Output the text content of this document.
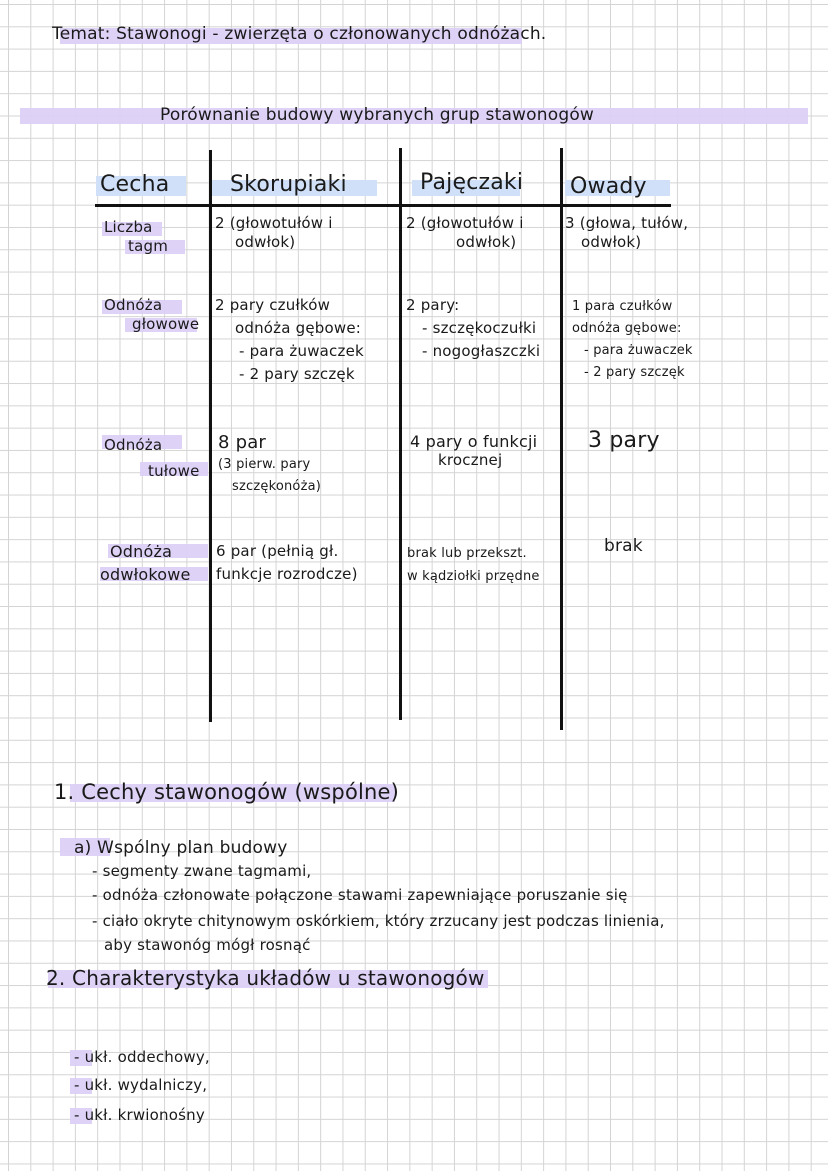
Temat: Stawonogi - zwierzęta o członowanych odnóżach.
Porównanie budowy wybranych grup stawonogów
Cecha	Skorupiaki	Pajęczaki Owady
Liczba
tagm
2 (głowotułów i
odwłok)
2 (głowotułów i
odwłok)
3 (głowa, tułów,
odwłok)
Odnóża
głowowe
2 pary czułków
odnóża gębowe:
- para żuwaczek
- 2 pary szczęk
2 pary:
- szczękoczułki
- nogogłaszczki
1 para czułków
odnóża gębowe:
- para żuwaczek
- 2 pary szczęk
Odnóża
tułowe
8 par
(3 pierw. pary
szczękonóża)
4 pary o funkcji
krocznej
3 pary
Odnóża
odwłokowe
6 par (pełnią gł.
funkcje rozrodcze)
brak lub przekszt.
w kądziołki przędne
brak
1. Cechy stawonogów (wspólne)
a) Wspólny plan budowy
- segmenty zwane tagmami,
- odnóża członowate połączone stawami zapewniające poruszanie się
- ciało okryte chitynowym oskórkiem, który zrzucany jest podczas linienia,
aby stawonóg mógł rosnąć
2. Charakterystyka układów u stawonogów
- ukł. oddechowy,
- ukł. wydalniczy,
- ukł. krwionośny
